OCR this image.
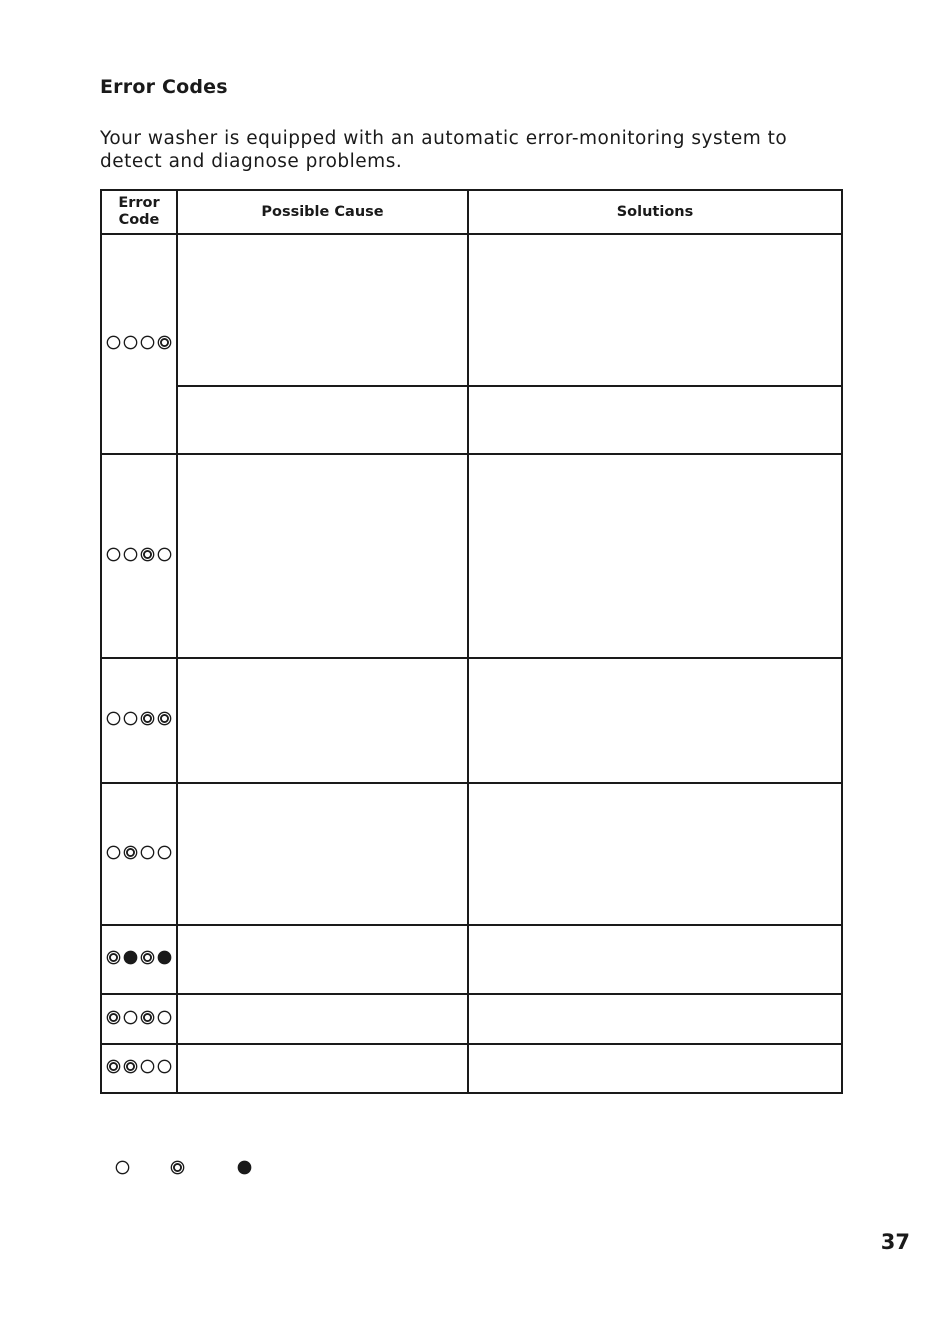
Error Codes
Your washer is equipped with an automatic error-monitoring system to detect and diagnose problems.
Error
Code	Possible Cause	Solutions

37
